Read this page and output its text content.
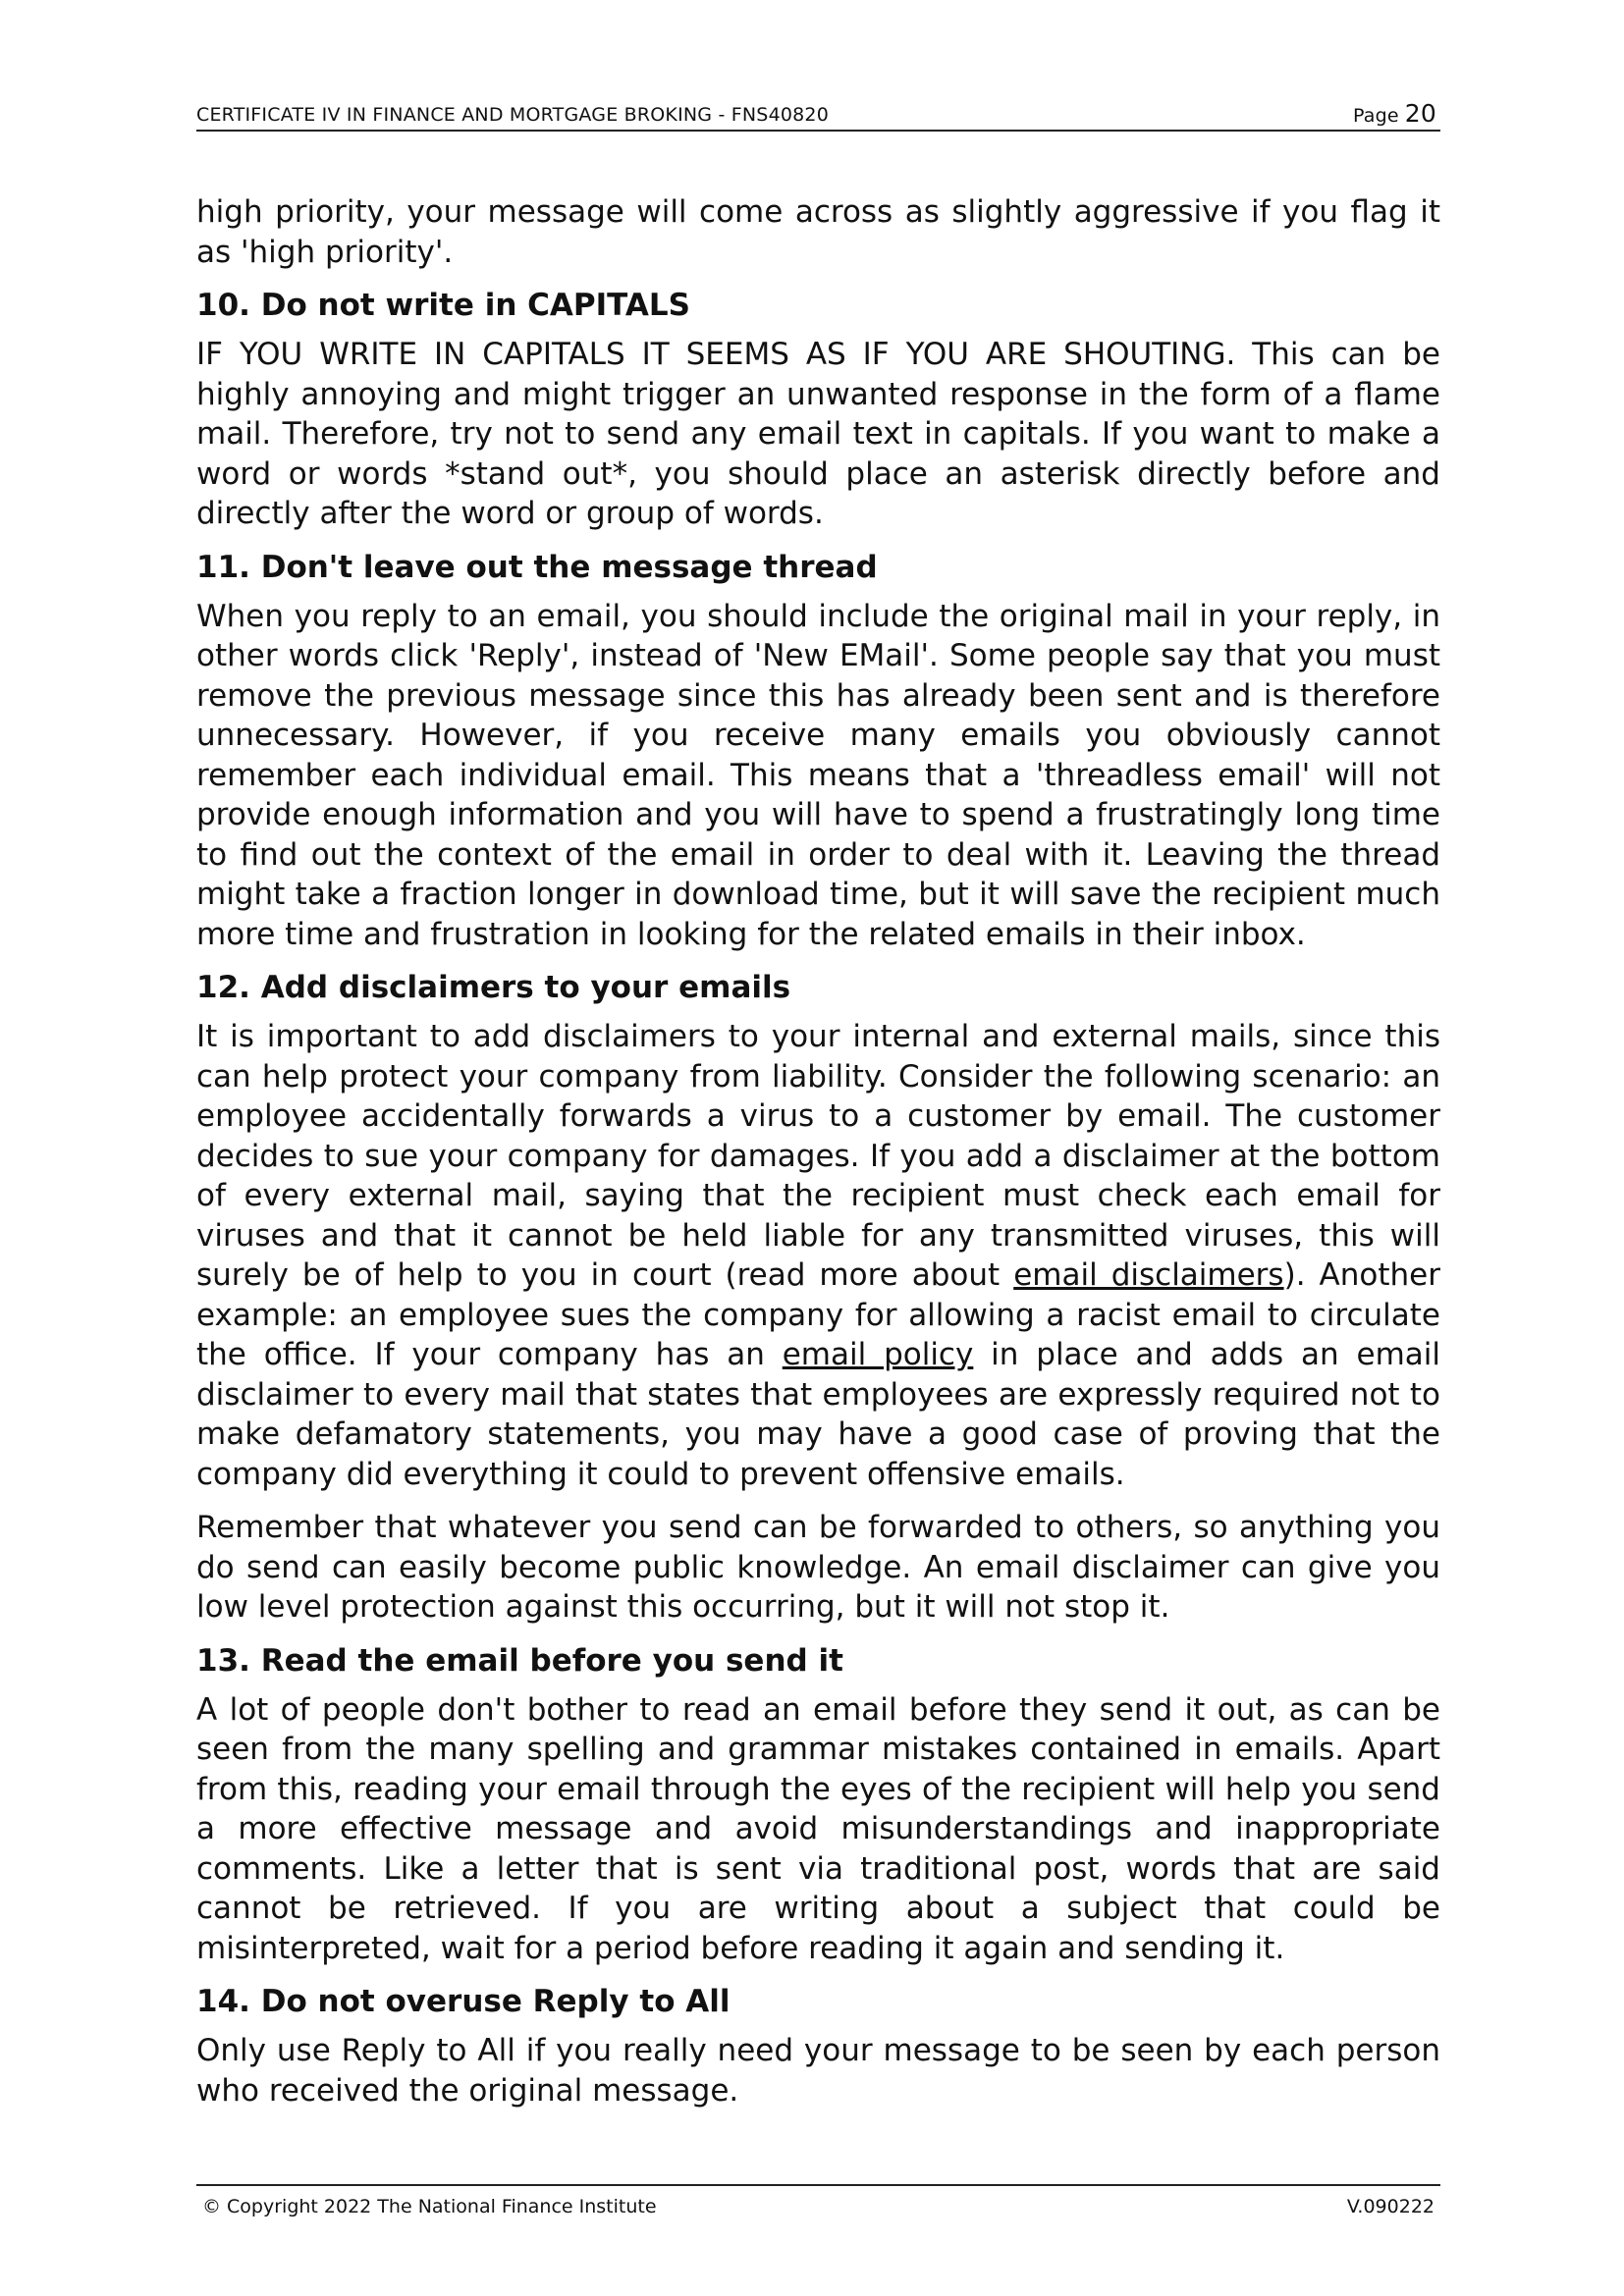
CERTIFICATE IV IN FINANCE AND MORTGAGE BROKING - FNS40820	Page 20

high priority, your message will come across as slightly aggressive if you flag it as 'high priority'.

10. Do not write in CAPITALS

IF YOU WRITE IN CAPITALS IT SEEMS AS IF YOU ARE SHOUTING. This can be highly annoying and might trigger an unwanted response in the form of a flame mail. Therefore, try not to send any email text in capitals. If you want to make a word or words *stand out*, you should place an asterisk directly before and directly after the word or group of words.

11. Don't leave out the message thread

When you reply to an email, you should include the original mail in your reply, in other words click 'Reply', instead of 'New EMail'. Some people say that you must remove the previous message since this has already been sent and is therefore unnecessary. However, if you receive many emails you obviously cannot remember each individual email. This means that a 'threadless email' will not provide enough information and you will have to spend a frustratingly long time to find out the context of the email in order to deal with it. Leaving the thread might take a fraction longer in download time, but it will save the recipient much more time and frustration in looking for the related emails in their inbox.

12. Add disclaimers to your emails

It is important to add disclaimers to your internal and external mails, since this can help protect your company from liability. Consider the following scenario: an employee accidentally forwards a virus to a customer by email. The customer decides to sue your company for damages. If you add a disclaimer at the bottom of every external mail, saying that the recipient must check each email for viruses and that it cannot be held liable for any transmitted viruses, this will surely be of help to you in court (read more about email disclaimers). Another example: an employee sues the company for allowing a racist email to circulate the office. If your company has an email policy in place and adds an email disclaimer to every mail that states that employees are expressly required not to make defamatory statements, you may have a good case of proving that the company did everything it could to prevent offensive emails.

Remember that whatever you send can be forwarded to others, so anything you do send can easily become public knowledge. An email disclaimer can give you low level protection against this occurring, but it will not stop it.

13. Read the email before you send it

A lot of people don't bother to read an email before they send it out, as can be seen from the many spelling and grammar mistakes contained in emails. Apart from this, reading your email through the eyes of the recipient will help you send a more effective message and avoid misunderstandings and inappropriate comments. Like a letter that is sent via traditional post, words that are said cannot be retrieved. If you are writing about a subject that could be misinterpreted, wait for a period before reading it again and sending it.

14. Do not overuse Reply to All

Only use Reply to All if you really need your message to be seen by each person who received the original message.

© Copyright 2022 The National Finance Institute	V.090222
